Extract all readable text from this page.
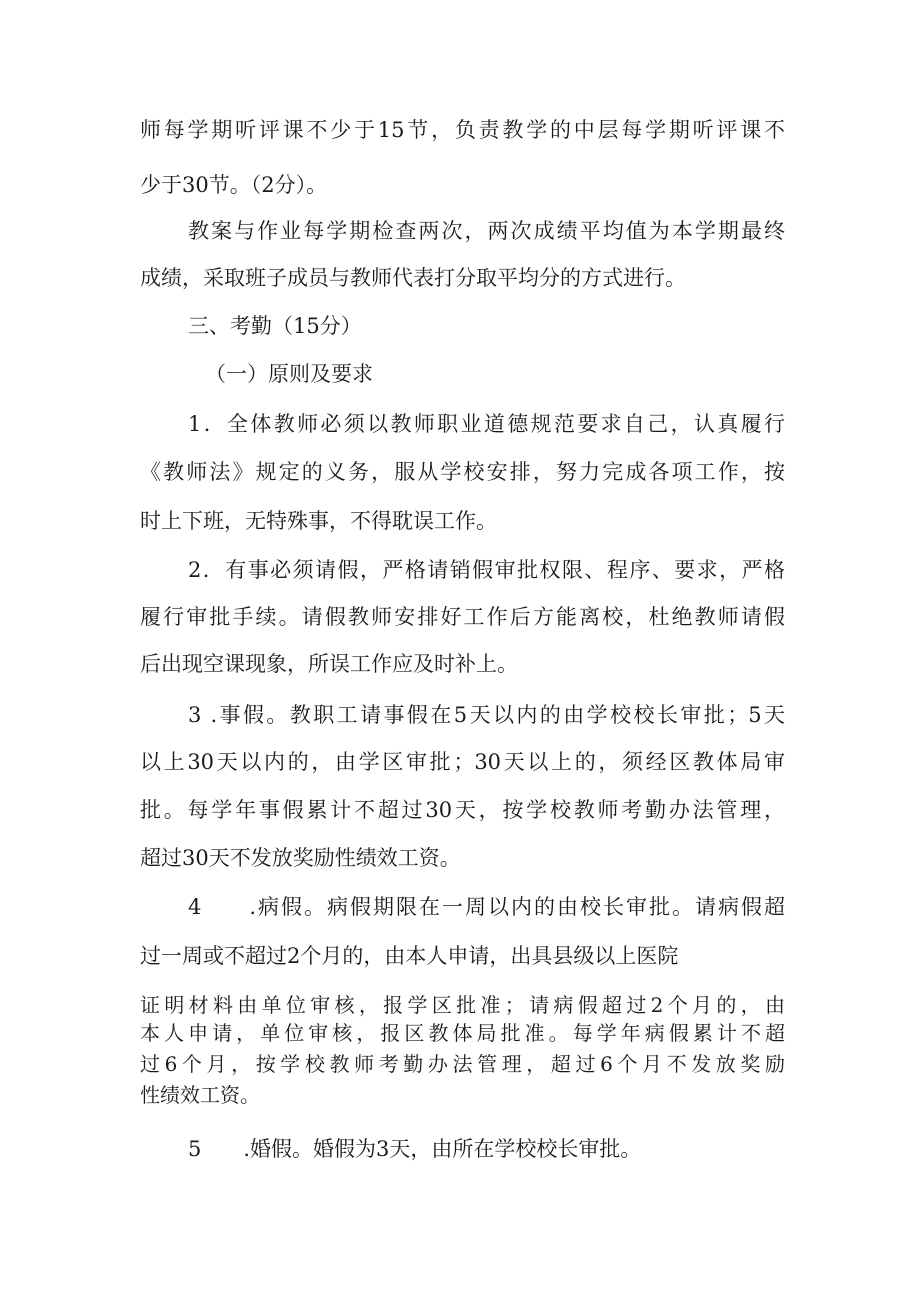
师每学期听评课不少于15节，负责教学的中层每学期听评课不
少于30节。（2分）。
教案与作业每学期检查两次，两次成绩平均值为本学期最终
成绩，采取班子成员与教师代表打分取平均分的方式进行。
三、考勤（15分）
（一）原则及要求
1．全体教师必须以教师职业道德规范要求自己，认真履行
《教师法》规定的义务，服从学校安排，努力完成各项工作，按
时上下班，无特殊事，不得耽误工作。
2．有事必须请假，严格请销假审批权限、程序、要求，严格
履行审批手续。请假教师安排好工作后方能离校，杜绝教师请假
后出现空课现象，所误工作应及时补上。
3 .事假。教职工请事假在5天以内的由学校校长审批；5天
以上30天以内的，由学区审批；30天以上的，须经区教体局审
批。每学年事假累计不超过30天，按学校教师考勤办法管理，
超过30天不发放奖励性绩效工资。
4　　.病假。病假期限在一周以内的由校长审批。请病假超
过一周或不超过2个月的，由本人申请，出具县级以上医院
证明材料由单位审核，报学区批准；请病假超过2个月的，由
本人申请，单位审核，报区教体局批准。每学年病假累计不超
过6个月，按学校教师考勤办法管理，超过6个月不发放奖励
性绩效工资。
5　　.婚假。婚假为3天，由所在学校校长审批。
